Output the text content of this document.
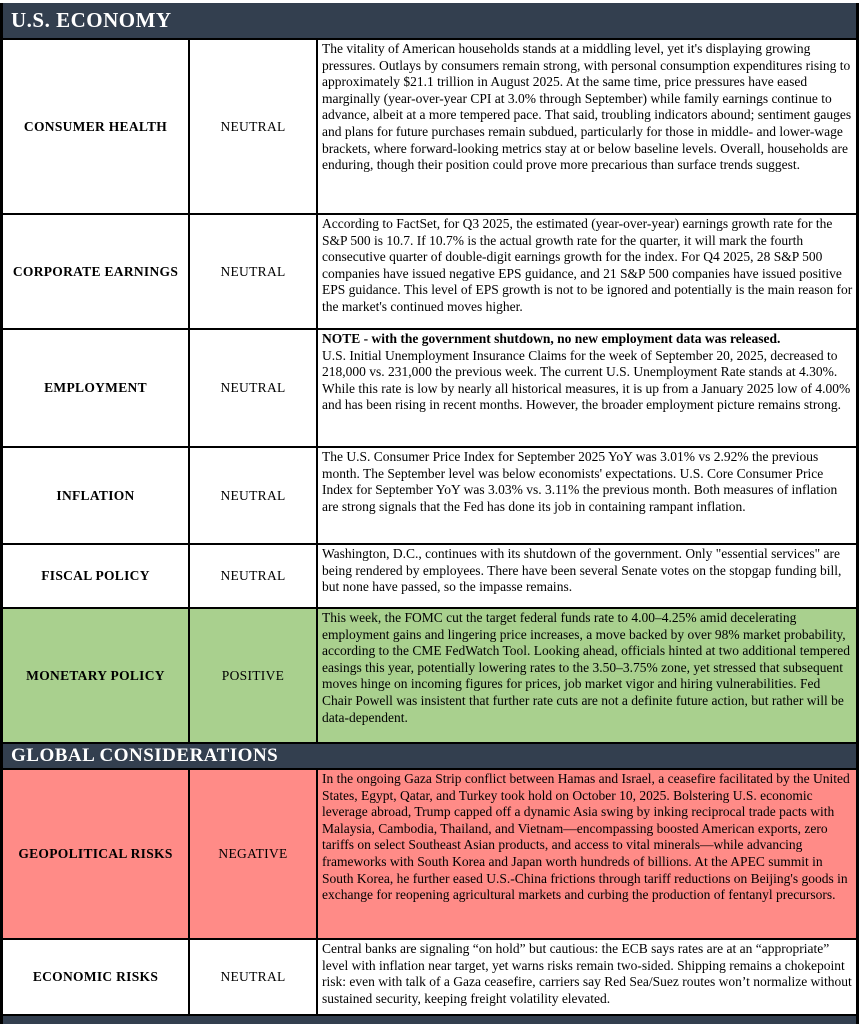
U.S. ECONOMY
CONSUMER HEALTH	NEUTRAL
The vitality of American households stands at a middling level, yet it's displaying growing pressures. Outlays by consumers remain strong, with personal consumption expenditures rising to approximately $21.1 trillion in August 2025. At the same time, price pressures have eased marginally (year-over-year CPI at 3.0% through September) while family earnings continue to advance, albeit at a more tempered pace. That said, troubling indicators abound; sentiment gauges and plans for future purchases remain subdued, particularly for those in middle- and lower-wage brackets, where forward-looking metrics stay at or below baseline levels. Overall, households are enduring, though their position could prove more precarious than surface trends suggest.
CORPORATE EARNINGS	NEUTRAL
According to FactSet, for Q3 2025, the estimated (year-over-year) earnings growth rate for the S&P 500 is 10.7. If 10.7% is the actual growth rate for the quarter, it will mark the fourth consecutive quarter of double-digit earnings growth for the index. For Q4 2025, 28 S&P 500 companies have issued negative EPS guidance, and 21 S&P 500 companies have issued positive EPS guidance. This level of EPS growth is not to be ignored and potentially is the main reason for the market's continued moves higher.
EMPLOYMENT	NEUTRAL
NOTE - with the government shutdown, no new employment data was released.
U.S. Initial Unemployment Insurance Claims for the week of September 20, 2025, decreased to 218,000 vs. 231,000 the previous week. The current U.S. Unemployment Rate stands at 4.30%. While this rate is low by nearly all historical measures, it is up from a January 2025 low of 4.00% and has been rising in recent months. However, the broader employment picture remains strong.
INFLATION	NEUTRAL
The U.S. Consumer Price Index for September 2025 YoY was 3.01% vs 2.92% the previous month. The September level was below economists' expectations. U.S. Core Consumer Price Index for September YoY was 3.03% vs. 3.11% the previous month. Both measures of inflation are strong signals that the Fed has done its job in containing rampant inflation.
FISCAL POLICY	NEUTRAL
Washington, D.C., continues with its shutdown of the government. Only "essential services" are being rendered by employees. There have been several Senate votes on the stopgap funding bill, but none have passed, so the impasse remains.
MONETARY POLICY	POSITIVE
This week, the FOMC cut the target federal funds rate to 4.00–4.25% amid decelerating employment gains and lingering price increases, a move backed by over 98% market probability, according to the CME FedWatch Tool. Looking ahead, officials hinted at two additional tempered easings this year, potentially lowering rates to the 3.50–3.75% zone, yet stressed that subsequent moves hinge on incoming figures for prices, job market vigor and hiring vulnerabilities. Fed Chair Powell was insistent that further rate cuts are not a definite future action, but rather will be data-dependent.
GLOBAL CONSIDERATIONS
GEOPOLITICAL RISKS	NEGATIVE
In the ongoing Gaza Strip conflict between Hamas and Israel, a ceasefire facilitated by the United States, Egypt, Qatar, and Turkey took hold on October 10, 2025. Bolstering U.S. economic leverage abroad, Trump capped off a dynamic Asia swing by inking reciprocal trade pacts with Malaysia, Cambodia, Thailand, and Vietnam—encompassing boosted American exports, zero tariffs on select Southeast Asian products, and access to vital minerals—while advancing frameworks with South Korea and Japan worth hundreds of billions. At the APEC summit in South Korea, he further eased U.S.-China frictions through tariff reductions on Beijing's goods in exchange for reopening agricultural markets and curbing the production of fentanyl precursors.
ECONOMIC RISKS	NEUTRAL
Central banks are signaling “on hold” but cautious: the ECB says rates are at an “appropriate” level with inflation near target, yet warns risks remain two-sided. Shipping remains a chokepoint risk: even with talk of a Gaza ceasefire, carriers say Red Sea/Suez routes won’t normalize without sustained security, keeping freight volatility elevated.
